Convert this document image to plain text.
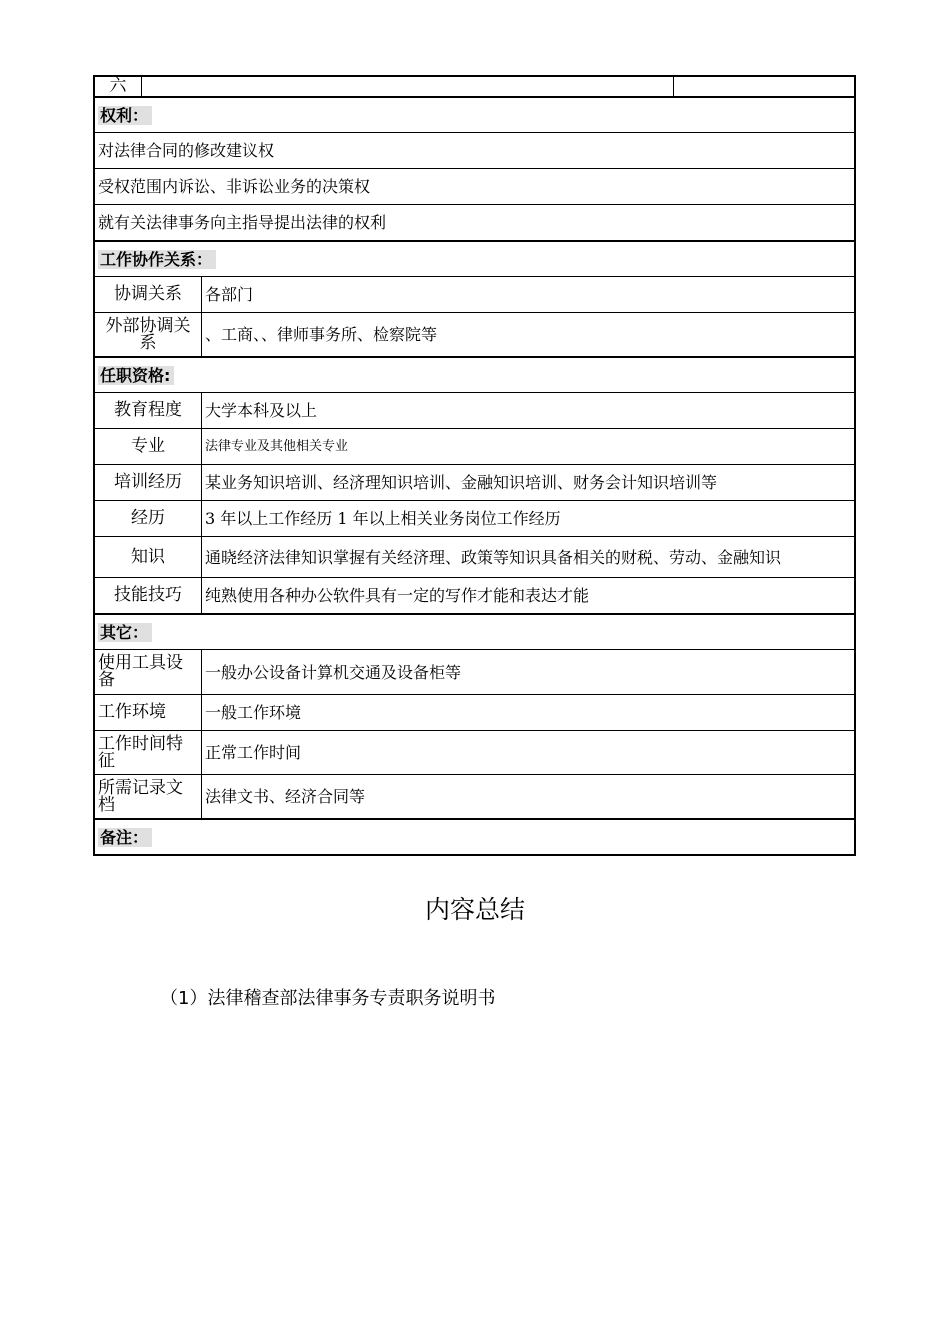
六
权利：
对法律合同的修改建议权
受权范围内诉讼、非诉讼业务的决策权
就有关法律事务向主指导提出法律的权利
工作协作关系：
协调关系	各部门
外部协调关系	、工商、、律师事务所、检察院等
任职资格:
教育程度	大学本科及以上
专业	法律专业及其他相关专业
培训经历	某业务知识培训、经济理知识培训、金融知识培训、财务会计知识培训等
经历	3 年以上工作经历 1 年以上相关业务岗位工作经历
知识	通晓经济法律知识掌握有关经济理、政策等知识具备相关的财税、劳动、金融知识
技能技巧	纯熟使用各种办公软件具有一定的写作才能和表达才能
其它：
使用工具设备	一般办公设备计算机交通及设备柜等
工作环境	一般工作环境
工作时间特征	正常工作时间
所需记录文档	法律文书、经济合同等
备注：
内容总结
（1）法律稽查部法律事务专责职务说明书
